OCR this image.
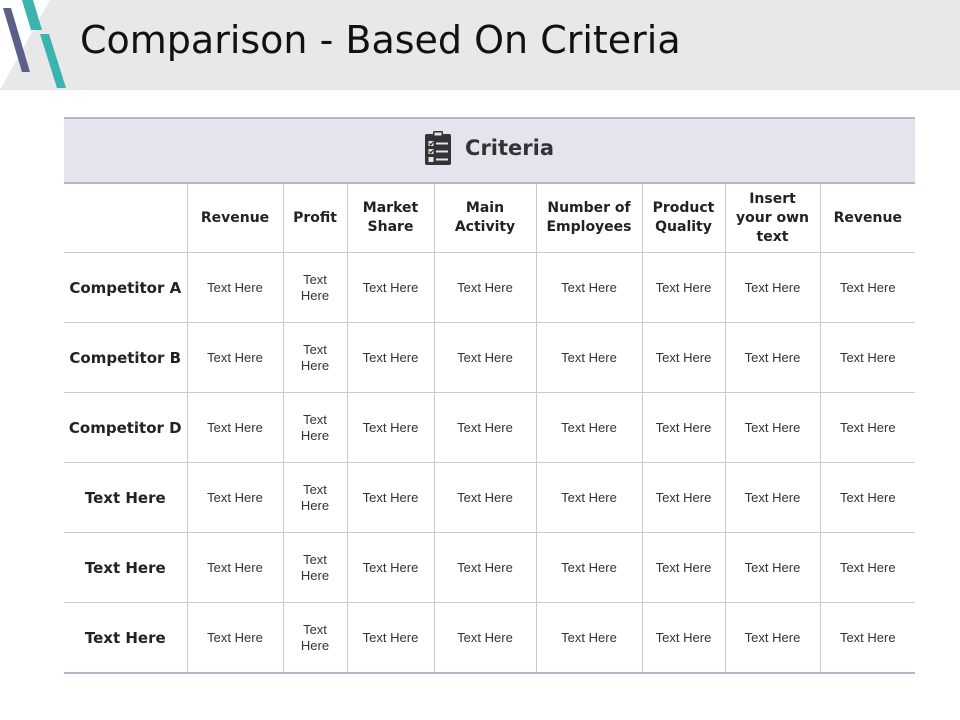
Comparison - Based On Criteria
Criteria								

	Revenue	Profit	Market Share	Main Activity	Number of Employees	Product Quality	Insert your own text	Revenue
Competitor A	Text Here	Text Here	Text Here	Text Here	Text Here	Text Here	Text Here	Text Here
Competitor B	Text Here	Text Here	Text Here	Text Here	Text Here	Text Here	Text Here	Text Here
Competitor D	Text Here	Text Here	Text Here	Text Here	Text Here	Text Here	Text Here	Text Here
Text Here	Text Here	Text Here	Text Here	Text Here	Text Here	Text Here	Text Here	Text Here
Text Here	Text Here	Text Here	Text Here	Text Here	Text Here	Text Here	Text Here	Text Here
Text Here	Text Here	Text Here	Text Here	Text Here	Text Here	Text Here	Text Here	Text Here
